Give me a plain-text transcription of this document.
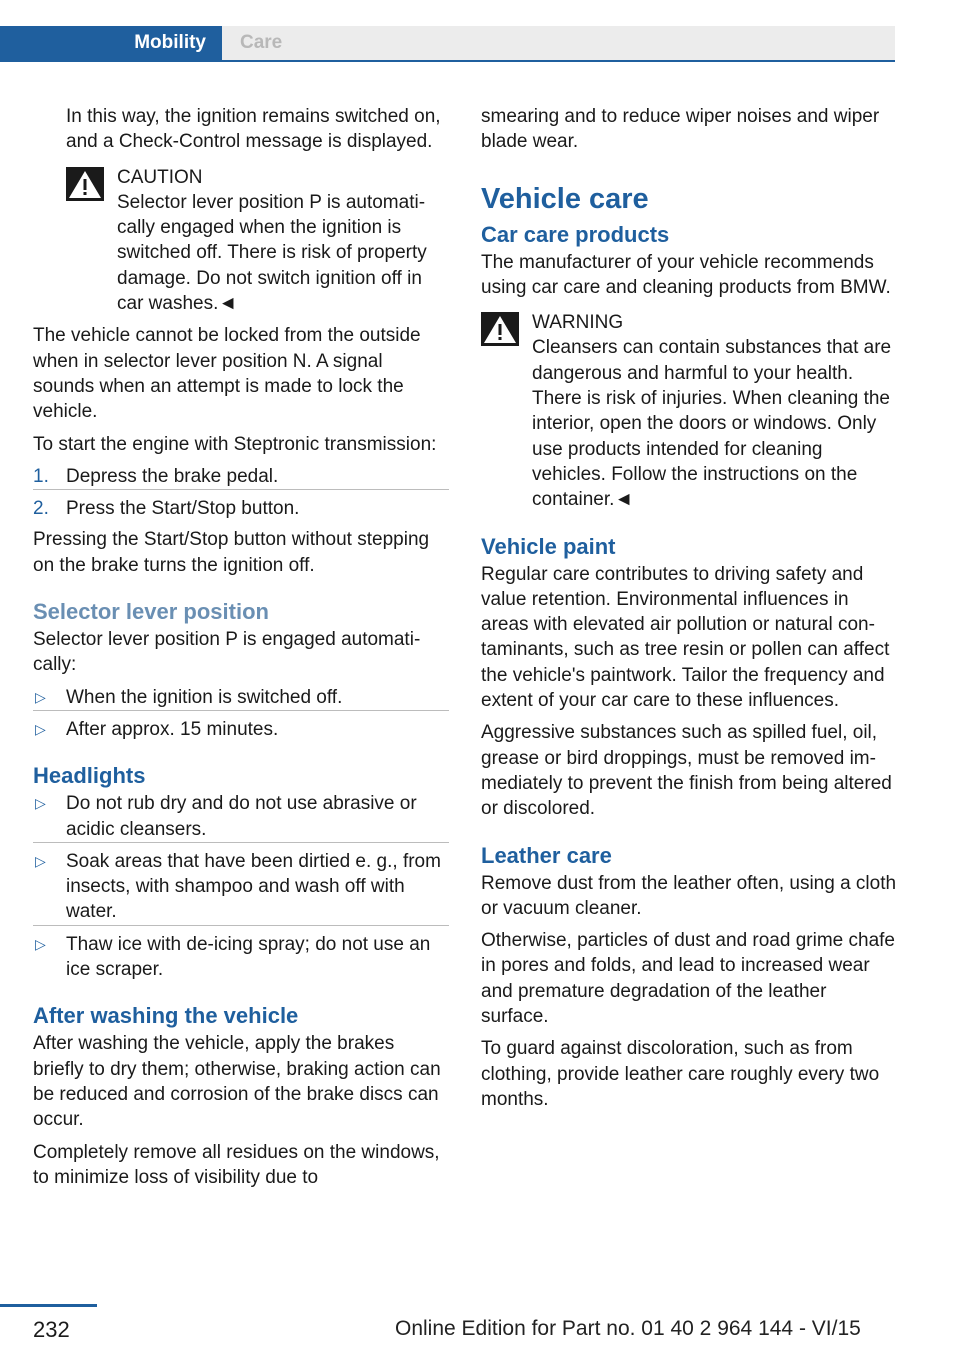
Mobility	Care

In this way, the ignition remains switched on, and a Check-Control message is displayed.

CAUTION
Selector lever position P is automatically engaged when the ignition is switched off. There is risk of property damage. Do not switch ignition off in car washes.◄

The vehicle cannot be locked from the outside when in selector lever position N. A signal sounds when an attempt is made to lock the vehicle.

To start the engine with Steptronic transmission:

1. Depress the brake pedal.
2. Press the Start/Stop button.

Pressing the Start/Stop button without stepping on the brake turns the ignition off.

Selector lever position

Selector lever position P is engaged automatically:

▷ When the ignition is switched off.
▷ After approx. 15 minutes.
Headlights
▷ Do not rub dry and do not use abrasive or acidic cleansers.
▷ Soak areas that have been dirtied e. g., from insects, with shampoo and wash off with water.
▷ Thaw ice with de-icing spray; do not use an ice scraper.
After washing the vehicle

After washing the vehicle, apply the brakes briefly to dry them; otherwise, braking action can be reduced and corrosion of the brake discs can occur.

Completely remove all residues on the windows, to minimize loss of visibility due to

smearing and to reduce wiper noises and wiper blade wear.

Vehicle care
Car care products

The manufacturer of your vehicle recommends using car care and cleaning products from BMW.

WARNING
Cleansers can contain substances that are dangerous and harmful to your health. There is risk of injuries. When cleaning the interior, open the doors or windows. Only use products intended for cleaning vehicles. Follow the instructions on the container.◄
Vehicle paint

Regular care contributes to driving safety and value retention. Environmental influences in areas with elevated air pollution or natural contaminants, such as tree resin or pollen can affect the vehicle's paintwork. Tailor the frequency and extent of your car care to these influences.

Aggressive substances such as spilled fuel, oil, grease or bird droppings, must be removed immediately to prevent the finish from being altered or discolored.

Leather care

Remove dust from the leather often, using a cloth or vacuum cleaner.

Otherwise, particles of dust and road grime chafe in pores and folds, and lead to increased wear and premature degradation of the leather surface.

To guard against discoloration, such as from clothing, provide leather care roughly every two months.

232	Online Edition for Part no. 01 40 2 964 144 - VI/15
